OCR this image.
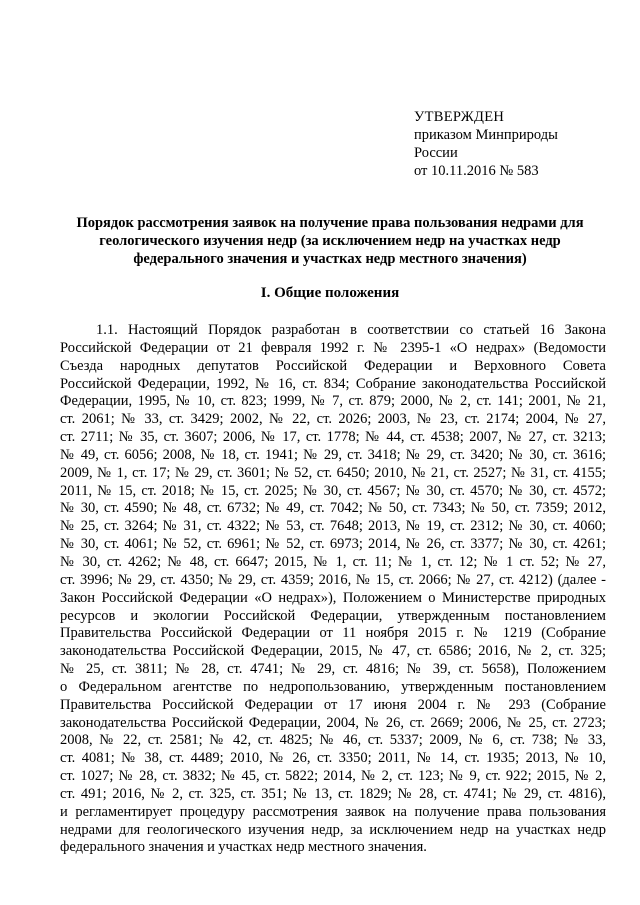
УТВЕРЖДЕН
приказом Минприроды
России
от 10.11.2016 № 583
Порядок рассмотрения заявок на получение права пользования недрами для
геологического изучения недр (за исключением недр на участках недр
федерального значения и участках недр местного значения)
I. Общие положения
1.1. Настоящий Порядок разработан в соответствии со статьей 16 Закона
Российской Федерации от 21 февраля 1992 г. № 2395-1 «О недрах» (Ведомости
Съезда народных депутатов Российской Федерации и Верховного Совета
Российской Федерации, 1992, № 16, ст. 834; Собрание законодательства Российской
Федерации, 1995, № 10, ст. 823; 1999, № 7, ст. 879; 2000, № 2, ст. 141; 2001, № 21,
ст. 2061; № 33, ст. 3429; 2002, № 22, ст. 2026; 2003, № 23, ст. 2174; 2004, № 27,
ст. 2711; № 35, ст. 3607; 2006, № 17, ст. 1778; № 44, ст. 4538; 2007, № 27, ст. 3213;
№ 49, ст. 6056; 2008, № 18, ст. 1941; № 29, ст. 3418; № 29, ст. 3420; № 30, ст. 3616;
2009, № 1, ст. 17; № 29, ст. 3601; № 52, ст. 6450; 2010, № 21, ст. 2527; № 31, ст. 4155;
2011, № 15, ст. 2018; № 15, ст. 2025; № 30, ст. 4567; № 30, ст. 4570; № 30, ст. 4572;
№ 30, ст. 4590; № 48, ст. 6732; № 49, ст. 7042; № 50, ст. 7343; № 50, ст. 7359; 2012,
№ 25, ст. 3264; № 31, ст. 4322; № 53, ст. 7648; 2013, № 19, ст. 2312; № 30, ст. 4060;
№ 30, ст. 4061; № 52, ст. 6961; № 52, ст. 6973; 2014, № 26, ст. 3377; № 30, ст. 4261;
№ 30, ст. 4262; № 48, ст. 6647; 2015, № 1, ст. 11; № 1, ст. 12; № 1 ст. 52; № 27,
ст. 3996; № 29, ст. 4350; № 29, ст. 4359; 2016, № 15, ст. 2066; № 27, ст. 4212) (далее -
Закон Российской Федерации «О недрах»), Положением о Министерстве природных
ресурсов и экологии Российской Федерации, утвержденным постановлением
Правительства Российской Федерации от 11 ноября 2015 г. № 1219 (Собрание
законодательства Российской Федерации, 2015, № 47, ст. 6586; 2016, № 2, ст. 325;
№ 25, ст. 3811; № 28, ст. 4741; № 29, ст. 4816; № 39, ст. 5658), Положением
о Федеральном агентстве по недропользованию, утвержденным постановлением
Правительства Российской Федерации от 17 июня 2004 г. № 293 (Собрание
законодательства Российской Федерации, 2004, № 26, ст. 2669; 2006, № 25, ст. 2723;
2008, № 22, ст. 2581; № 42, ст. 4825; № 46, ст. 5337; 2009, № 6, ст. 738; № 33,
ст. 4081; № 38, ст. 4489; 2010, № 26, ст. 3350; 2011, № 14, ст. 1935; 2013, № 10,
ст. 1027; № 28, ст. 3832; № 45, ст. 5822; 2014, № 2, ст. 123; № 9, ст. 922; 2015, № 2,
ст. 491; 2016, № 2, ст. 325, ст. 351; № 13, ст. 1829; № 28, ст. 4741; № 29, ст. 4816),
и регламентирует процедуру рассмотрения заявок на получение права пользования
недрами для геологического изучения недр, за исключением недр на участках недр
федерального значения и участках недр местного значения.
